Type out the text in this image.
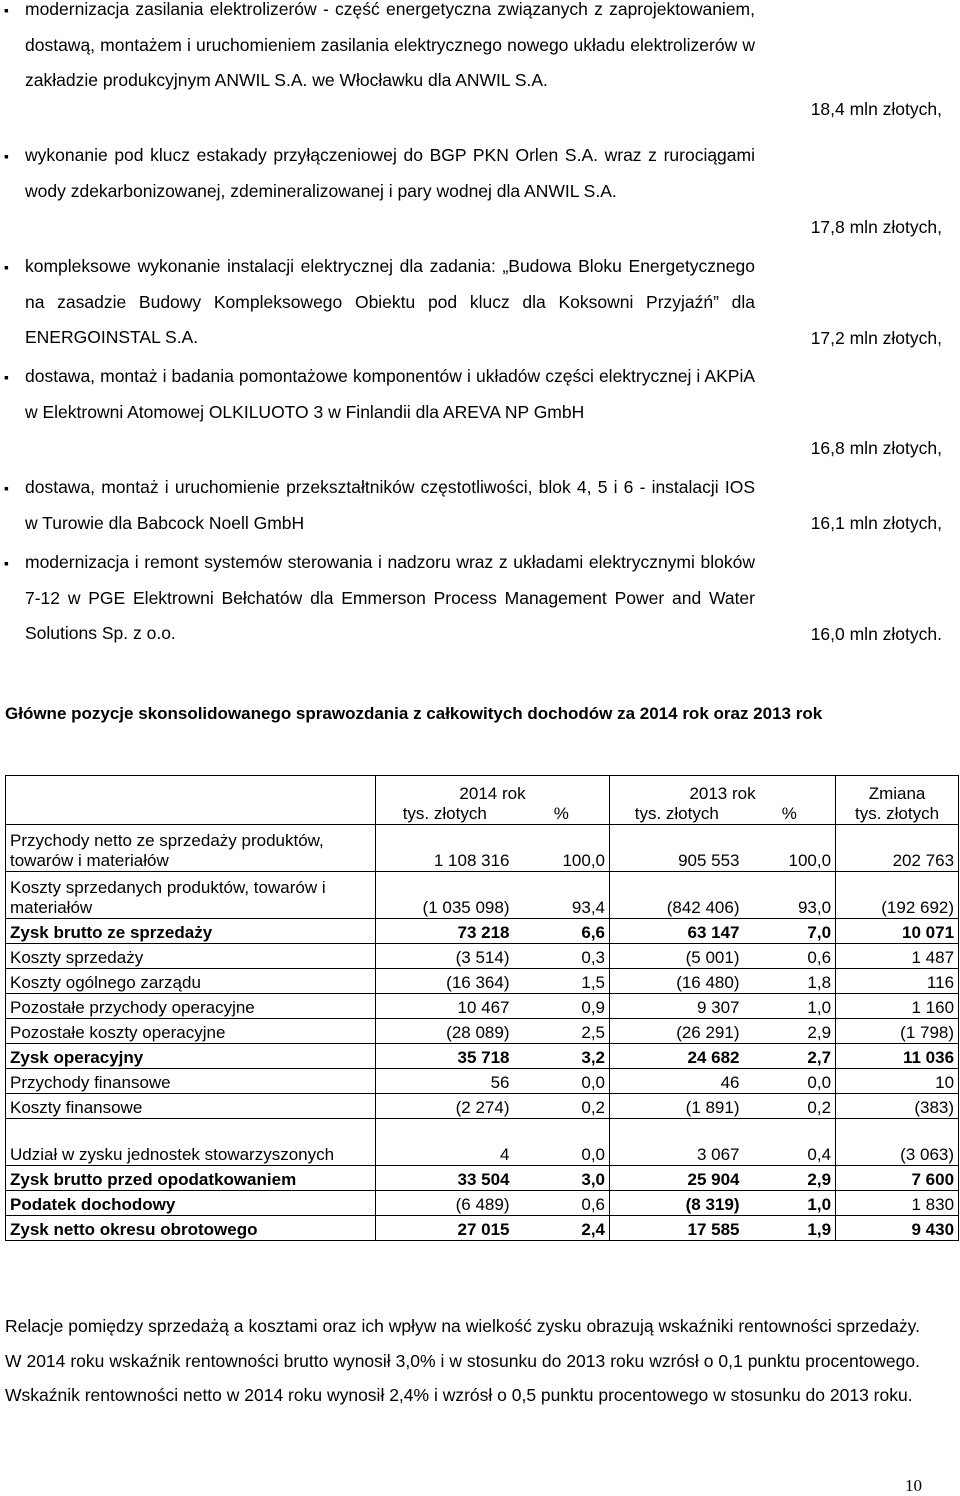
▪ modernizacja zasilania elektrolizerów - część energetyczna związanych z zaprojektowaniem, dostawą, montażem i uruchomieniem zasilania elektrycznego nowego układu elektrolizerów w zakładzie produkcyjnym ANWIL S.A. we Włocławku dla ANWIL S.A.
18,4 mln złotych,
▪ wykonanie pod klucz estakady przyłączeniowej do BGP PKN Orlen S.A. wraz z rurociągami wody zdekarbonizowanej, zdemineralizowanej i pary wodnej dla ANWIL S.A.
17,8 mln złotych,
▪ kompleksowe wykonanie instalacji elektrycznej dla zadania: „Budowa Bloku Energetycznego na zasadzie Budowy Kompleksowego Obiektu pod klucz dla Koksowni Przyjaźń” dla ENERGOINSTAL S.A.	17,2 mln złotych,
▪ dostawa, montaż i badania pomontażowe komponentów i układów części elektrycznej i AKPiA w Elektrowni Atomowej OLKILUOTO 3 w Finlandii dla AREVA NP GmbH
16,8 mln złotych,
▪ dostawa, montaż i uruchomienie przekształtników częstotliwości, blok 4, 5 i 6 - instalacji IOS w Turowie dla Babcock Noell GmbH	16,1 mln złotych,
▪ modernizacja i remont systemów sterowania i nadzoru wraz z układami elektrycznymi bloków 7-12 w PGE Elektrowni Bełchatów dla Emmerson Process Management Power and Water Solutions Sp. z o.o.	16,0 mln złotych.
Główne pozycje skonsolidowanego sprawozdania z całkowitych dochodów za 2014 rok oraz 2013 rok
	2014 rok		2013 rok		Zmiana
	tys. złotych	%	tys. złotych	%	tys. złotych
Przychody netto ze sprzedaży produktów, towarów i materiałów	1 108 316	100,0	905 553	100,0	202 763
Koszty sprzedanych produktów, towarów i materiałów	(1 035 098)	93,4	(842 406)	93,0	(192 692)
Zysk brutto ze sprzedaży	73 218	6,6	63 147	7,0	10 071
Koszty sprzedaży	(3 514)	0,3	(5 001)	0,6	1 487
Koszty ogólnego zarządu	(16 364)	1,5	(16 480)	1,8	116
Pozostałe przychody operacyjne	10 467	0,9	9 307	1,0	1 160
Pozostałe koszty operacyjne	(28 089)	2,5	(26 291)	2,9	(1 798)
Zysk operacyjny	35 718	3,2	24 682	2,7	11 036
Przychody finansowe	56	0,0	46	0,0	10
Koszty finansowe	(2 274)	0,2	(1 891)	0,2	(383)
Udział w zysku jednostek stowarzyszonych	4	0,0	3 067	0,4	(3 063)
Zysk brutto przed opodatkowaniem	33 504	3,0	25 904	2,9	7 600
Podatek dochodowy	(6 489)	0,6	(8 319)	1,0	1 830
Zysk netto okresu obrotowego	27 015	2,4	17 585	1,9	9 430
Relacje pomiędzy sprzedażą a kosztami oraz ich wpływ na wielkość zysku obrazują wskaźniki rentowności sprzedaży. W 2014 roku wskaźnik rentowności brutto wynosił 3,0% i w stosunku do 2013 roku wzrósł o 0,1 punktu procentowego. Wskaźnik rentowności netto w 2014 roku wynosił 2,4% i wzrósł o 0,5 punktu procentowego w stosunku do 2013 roku.
10
